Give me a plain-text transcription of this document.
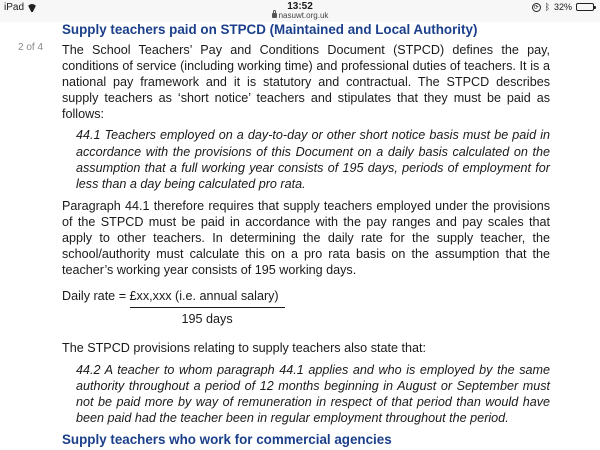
iPad	13:52
nasuwt.org.uk
⟳ ᛒ 32%
2 of 4
Supply teachers paid on STPCD (Maintained and Local Authority)

The School Teachers’ Pay and Conditions Document (STPCD) defines the pay, conditions of service (including working time) and professional duties of teachers. It is a national pay framework and it is statutory and contractual. The STPCD describes supply teachers as ‘short notice’ teachers and stipulates that they must be paid as follows:

44.1 Teachers employed on a day-to-day or other short notice basis must be paid in accordance with the provisions of this Document on a daily basis calculated on the assumption that a full working year consists of 195 days, periods of employment for less than a day being calculated pro rata.

Paragraph 44.1 therefore requires that supply teachers employed under the provisions of the STPCD must be paid in accordance with the pay ranges and pay scales that apply to other teachers. In determining the daily rate for the supply teacher, the school/authority must calculate this on a pro rata basis on the assumption that the teacher’s working year consists of 195 working days.

Daily rate = $\frac{\text{£xx,xxx (i.e. annual salary)}}{\text{195 days}}$

The STPCD provisions relating to supply teachers also state that:

44.2 A teacher to whom paragraph 44.1 applies and who is employed by the same authority throughout a period of 12 months beginning in August or September must not be paid more by way of remuneration in respect of that period than would have been paid had the teacher been in regular employment throughout the period.

Supply teachers who work for commercial agencies
